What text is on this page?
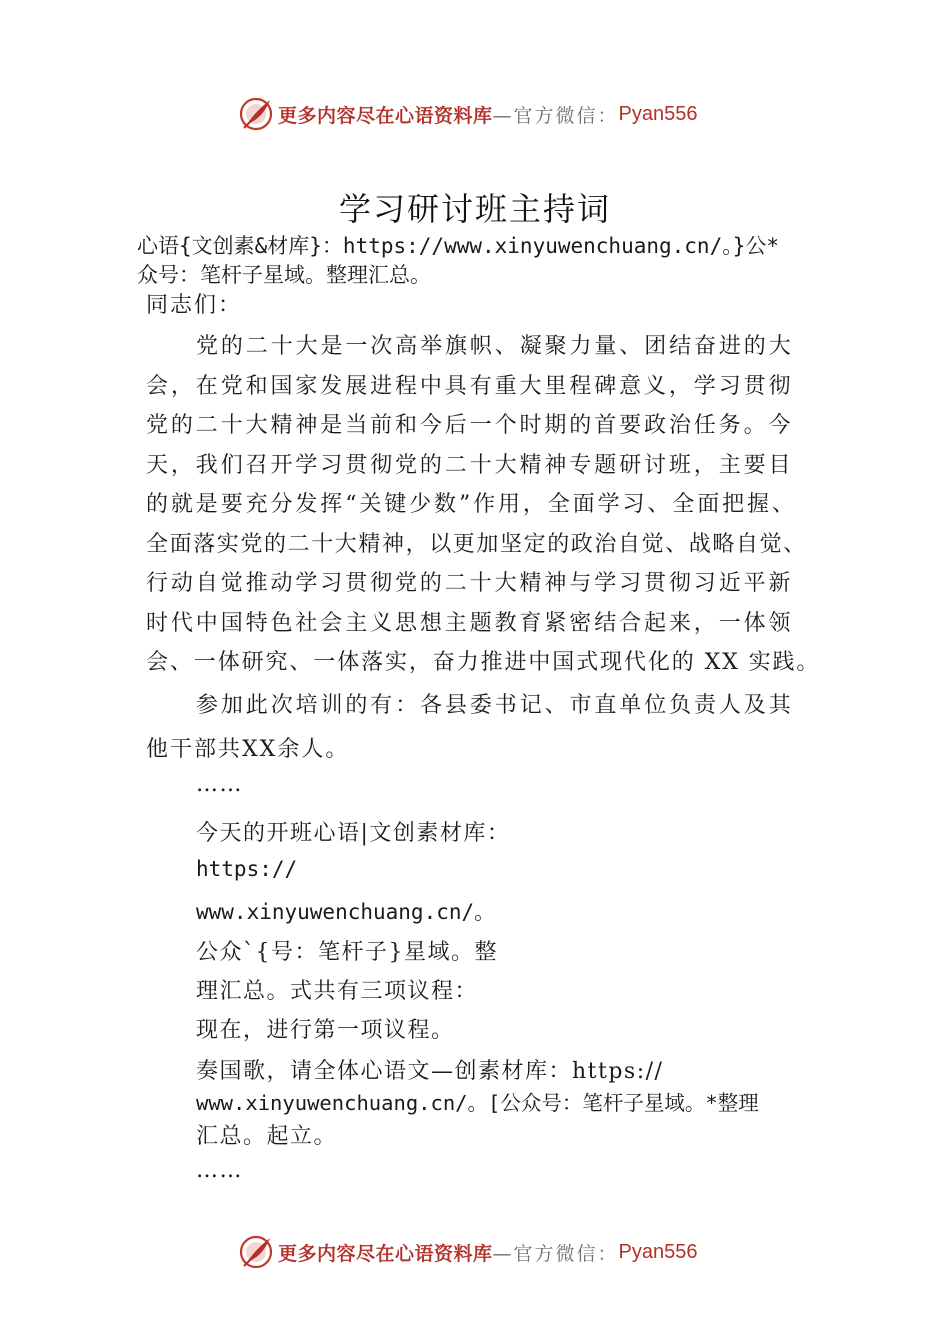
更多内容尽在心语资料库 —官方微信： Pyan556
学习研讨班主持词
心语{文创素&材库}：https://www.xinyuwenchuang.cn/。}公*
众号：笔杆子星域。整理汇总。
同志们：
党的二十大是一次高举旗帜、凝聚力量、团结奋进的大
会，在党和国家发展进程中具有重大里程碑意义，学习贯彻
党的二十大精神是当前和今后一个时期的首要政治任务。今
天，我们召开学习贯彻党的二十大精神专题研讨班，主要目
的就是要充分发挥“关键少数”作用，全面学习、全面把握、
全面落实党的二十大精神，以更加坚定的政治自觉、战略自觉、
行动自觉推动学习贯彻党的二十大精神与学习贯彻习近平新
时代中国特色社会主义思想主题教育紧密结合起来，一体领
会、一体研究、一体落实，奋力推进中国式现代化的 XX 实践。
参加此次培训的有：各县委书记、市直单位负责人及其
他干部共XX余人。
……
今天的开班心语|文创素材库：
https://
www.xinyuwenchuang.cn/。
公众`{号：笔杆子}星域。整
理汇总。式共有三项议程：
现在，进行第一项议程。
奏国歌，请全体心语文—创素材库：https://
www.xinyuwenchuang.cn/。[公众号：笔杆子星域。*整理
汇总。起立。
……
更多内容尽在心语资料库 —官方微信： Pyan556
